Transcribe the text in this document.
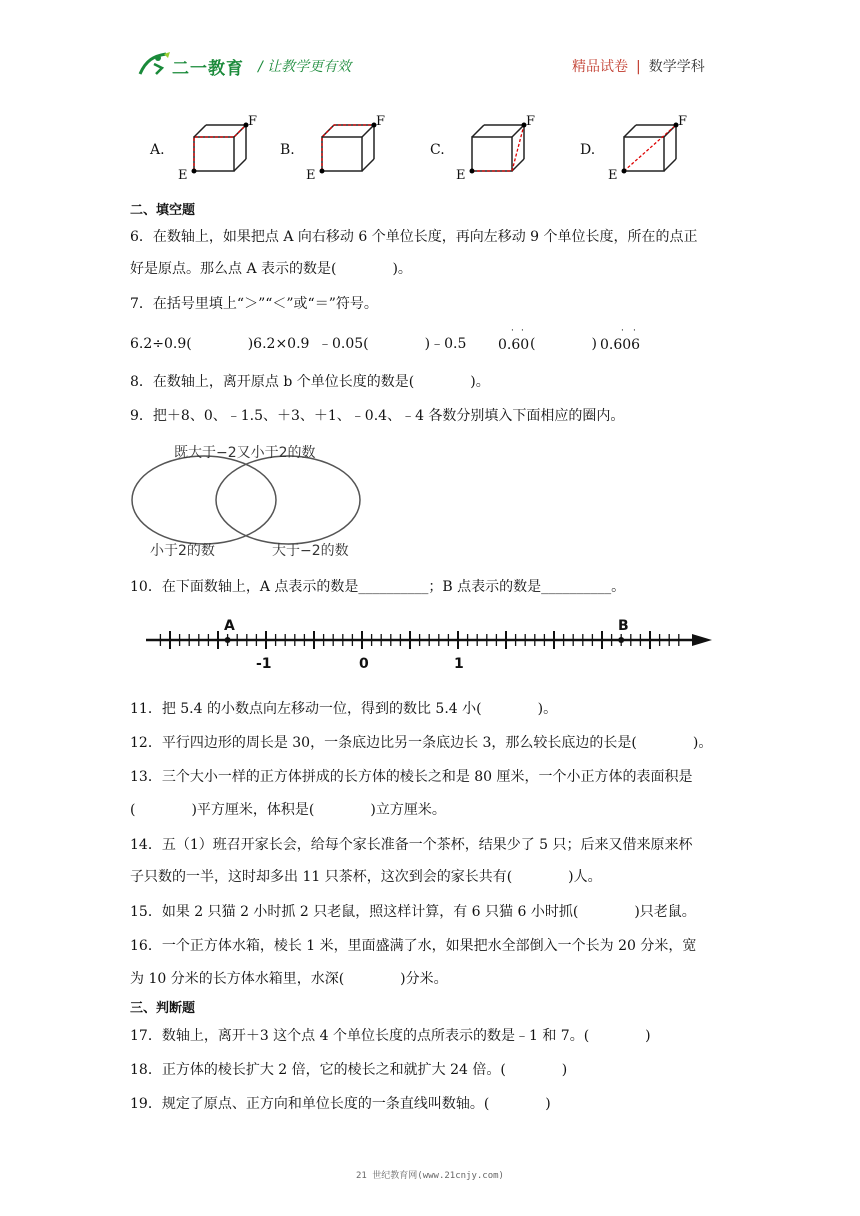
二一教育 / 让教学更有效	精品试卷 | 数学学科
A.	B.	C.	D.
E
F
E
F
E
F
E
F
二、填空题
6．在数轴上，如果把点 A 向右移动 6 个单位长度，再向左移动 9 个单位长度，所在的点正
好是原点。那么点 A 表示的数是(　　　　)。
7．在括号里填上“＞”“＜”或“＝”符号。
6.2÷0.9(　　　　)6.2×0.9 ﹣0.05(　　　　)﹣0.5 0.60
· ·
(　　　　) 0.606
· ·
8．在数轴上，离开原点 b 个单位长度的数是(　　　　)。
9．把＋8、0、﹣1.5、＋3、＋1、﹣0.4、﹣4 各数分别填入下面相应的圈内。
既大于−2又小于2的数
小于2的数	大于−2的数
10．在下面数轴上，A 点表示的数是__________；B 点表示的数是__________。
A	B
-1	0	1
11．把 5.4 的小数点向左移动一位，得到的数比 5.4 小(　　　　)。
12．平行四边形的周长是 30，一条底边比另一条底边长 3，那么较长底边的长是(　　　　)。
13．三个大小一样的正方体拼成的长方体的棱长之和是 80 厘米，一个小正方体的表面积是
(　　　　)平方厘米，体积是(　　　　)立方厘米。
14．五（1）班召开家长会，给每个家长准备一个茶杯，结果少了 5 只；后来又借来原来杯
子只数的一半，这时却多出 11 只茶杯，这次到会的家长共有(　　　　)人。
15．如果 2 只猫 2 小时抓 2 只老鼠，照这样计算，有 6 只猫 6 小时抓(　　　　)只老鼠。
16．一个正方体水箱，棱长 1 米，里面盛满了水，如果把水全部倒入一个长为 20 分米，宽
为 10 分米的长方体水箱里，水深(　　　　)分米。
三、判断题
17．数轴上，离开＋3 这个点 4 个单位长度的点所表示的数是﹣1 和 7。(　　　　)
18．正方体的棱长扩大 2 倍，它的棱长之和就扩大 24 倍。(　　　　)
19．规定了原点、正方向和单位长度的一条直线叫数轴。(　　　　)
21 世纪教育网(www.21cnjy.com)
